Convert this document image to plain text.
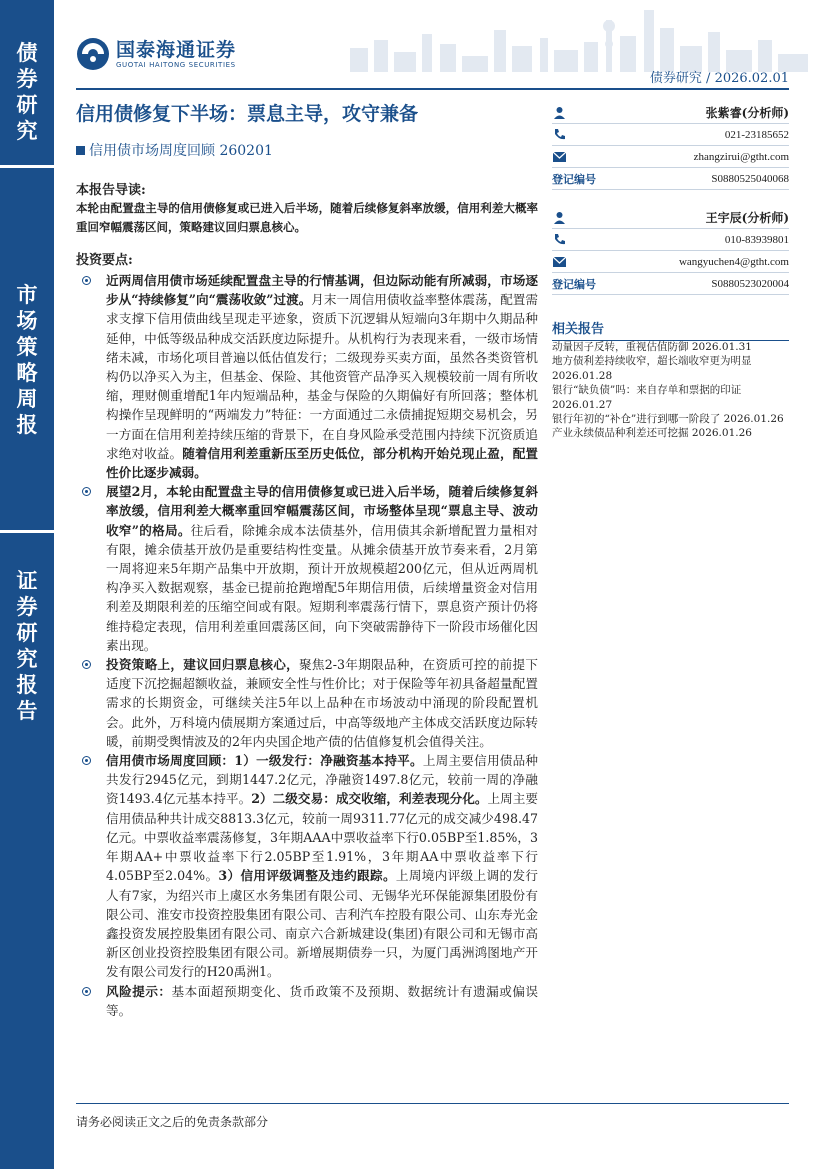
债
券
研
究
市
场
策
略
周
报
证
券
研
究
报
告
国泰海通证券
GUOTAI HAITONG SECURITIES
债券研究 / 2026.02.01
信用债修复下半场：票息主导，攻守兼备
信用债市场周度回顾 260201
张紫睿(分析师)
021-23185652
zhangzirui@gtht.com
登记编号	S0880525040068
王宇辰(分析师)
010-83939801
wangyuchen4@gtht.com
登记编号	S0880523020004
相关报告
动量因子反转，重视估值防御 2026.01.31
地方债利差持续收窄，超长端收窄更为明显 2026.01.28
银行“缺负债”吗：来自存单和票据的印证 2026.01.27
银行年初的“补仓”进行到哪一阶段了 2026.01.26
产业永续债品种利差还可挖掘 2026.01.26
本报告导读:
本轮由配置盘主导的信用债修复或已进入后半场，随着后续修复斜率放缓，信用利差大概率重回窄幅震荡区间，策略建议回归票息核心。
投资要点:
近两周信用债市场延续配置盘主导的行情基调，但边际动能有所减弱，市场逐步从“持续修复”向“震荡收敛”过渡。月末一周信用债收益率整体震荡，配置需求支撑下信用债曲线呈现走平迹象，资质下沉逻辑从短端向3年期中久期品种延伸，中低等级品种成交活跃度边际提升。从机构行为表现来看，一级市场情绪未减，市场化项目普遍以低估值发行；二级现券买卖方面，虽然各类资管机构仍以净买入为主，但基金、保险、其他资管产品净买入规模较前一周有所收缩，理财侧重增配1年内短端品种，基金与保险的久期偏好有所回落；整体机构操作呈现鲜明的“两端发力”特征：一方面通过二永债捕捉短期交易机会，另一方面在信用利差持续压缩的背景下，在自身风险承受范围内持续下沉资质追求绝对收益。随着信用利差重新压至历史低位，部分机构开始兑现止盈，配置性价比逐步减弱。
展望2月，本轮由配置盘主导的信用债修复或已进入后半场，随着后续修复斜率放缓，信用利差大概率重回窄幅震荡区间，市场整体呈现“票息主导、波动收窄”的格局。往后看，除摊余成本法债基外，信用债其余新增配置力量相对有限，摊余债基开放仍是重要结构性变量。从摊余债基开放节奏来看，2月第一周将迎来5年期产品集中开放期，预计开放规模超200亿元，但从近两周机构净买入数据观察，基金已提前抢跑增配5年期信用债，后续增量资金对信用利差及期限利差的压缩空间或有限。短期利率震荡行情下，票息资产预计仍将维持稳定表现，信用利差重回震荡区间，向下突破需静待下一阶段市场催化因素出现。
投资策略上，建议回归票息核心，聚焦2-3年期限品种，在资质可控的前提下适度下沉挖掘超额收益，兼顾安全性与性价比；对于保险等年初具备超量配置需求的长期资金，可继续关注5年以上品种在市场波动中涌现的阶段配置机会。此外，万科境内债展期方案通过后，中高等级地产主体成交活跃度边际转暖，前期受舆情波及的2年内央国企地产债的估值修复机会值得关注。
信用债市场周度回顾：1）一级发行：净融资基本持平。上周主要信用债品种共发行2945亿元，到期1447.2亿元，净融资1497.8亿元，较前一周的净融资1493.4亿元基本持平。2）二级交易：成交收缩，利差表现分化。上周主要信用债品种共计成交8813.3亿元，较前一周9311.77亿元的成交减少498.47亿元。中票收益率震荡修复，3年期AAA中票收益率下行0.05BP至1.85%，3年期AA+中票收益率下行2.05BP至1.91%，3年期AA中票收益率下行4.05BP至2.04%。3）信用评级调整及违约跟踪。上周境内评级上调的发行人有7家，为绍兴市上虞区水务集团有限公司、无锡华光环保能源集团股份有限公司、淮安市投资控股集团有限公司、吉利汽车控股有限公司、山东寿光金鑫投资发展控股集团有限公司、南京六合新城建设(集团)有限公司和无锡市高新区创业投资控股集团有限公司。新增展期债券一只，为厦门禹洲鸿图地产开发有限公司发行的H20禹洲1。
风险提示：基本面超预期变化、货币政策不及预期、数据统计有遗漏或偏误等。
请务必阅读正文之后的免责条款部分
